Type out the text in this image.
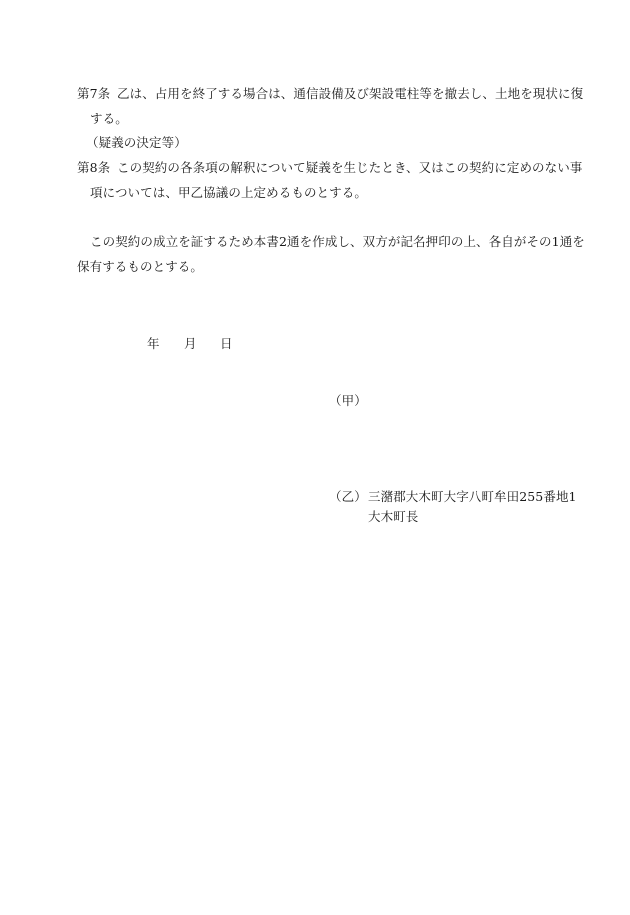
第7条 乙は、占用を終了する場合は、通信設備及び架設電柱等を撤去し、土地を現状に復
する。
（疑義の決定等）
第8条 この契約の各条項の解釈について疑義を生じたとき、又はこの契約に定めのない事
項については、甲乙協議の上定めるものとする。
この契約の成立を証するため本書2通を作成し、双方が記名押印の上、各自がその1通を
保有するものとする。
年 月 日
（甲）
（乙） 三潴郡大木町大字八町牟田255番地1
大木町長
